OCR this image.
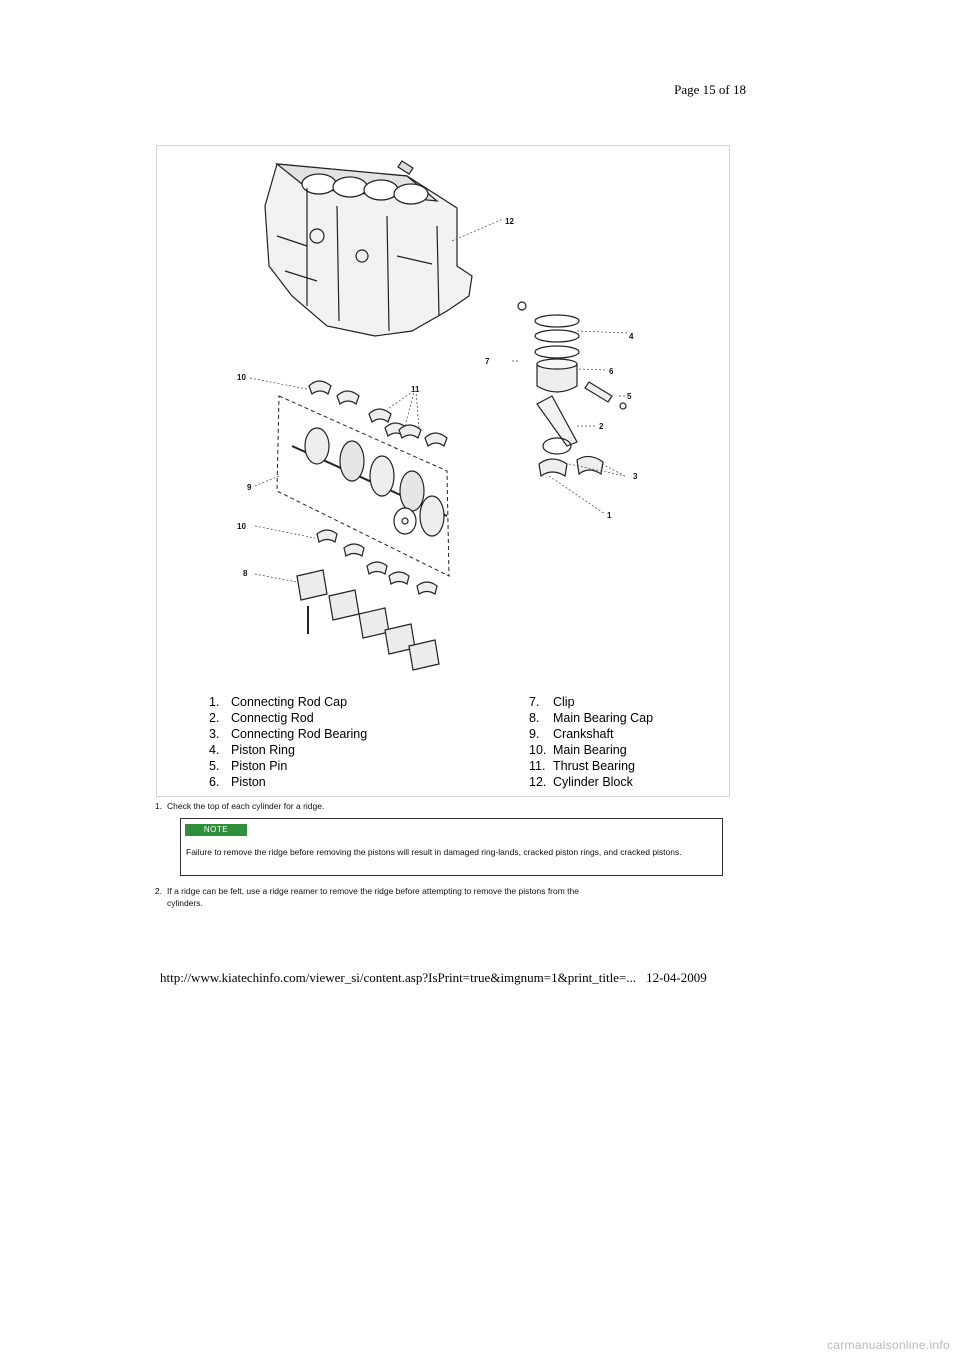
Page 15 of 18
12
4
7
6
5
2
3
1
10
11
9
10
8
1. Connecting Rod Cap
2. Connectig Rod
3. Connecting Rod Bearing
4. Piston Ring
5. Piston Pin
6. Piston
7.	Clip
8.	Main Bearing Cap
9.	Crankshaft
10. Main Bearing
11. Thrust Bearing
12. Cylinder Block
1. Check the top of each cylinder for a ridge.
NOTE
Failure to remove the ridge before removing the pistons will result in damaged ring-lands, cracked piston rings, and cracked pistons.
2. If a ridge can be felt, use a ridge reamer to remove the ridge before attempting to remove the pistons from the
cylinders.
http://www.kiatechinfo.com/viewer_si/content.asp?IsPrint=true&imgnum=1&print_title=... 12-04-2009
carmanualsonline.info
